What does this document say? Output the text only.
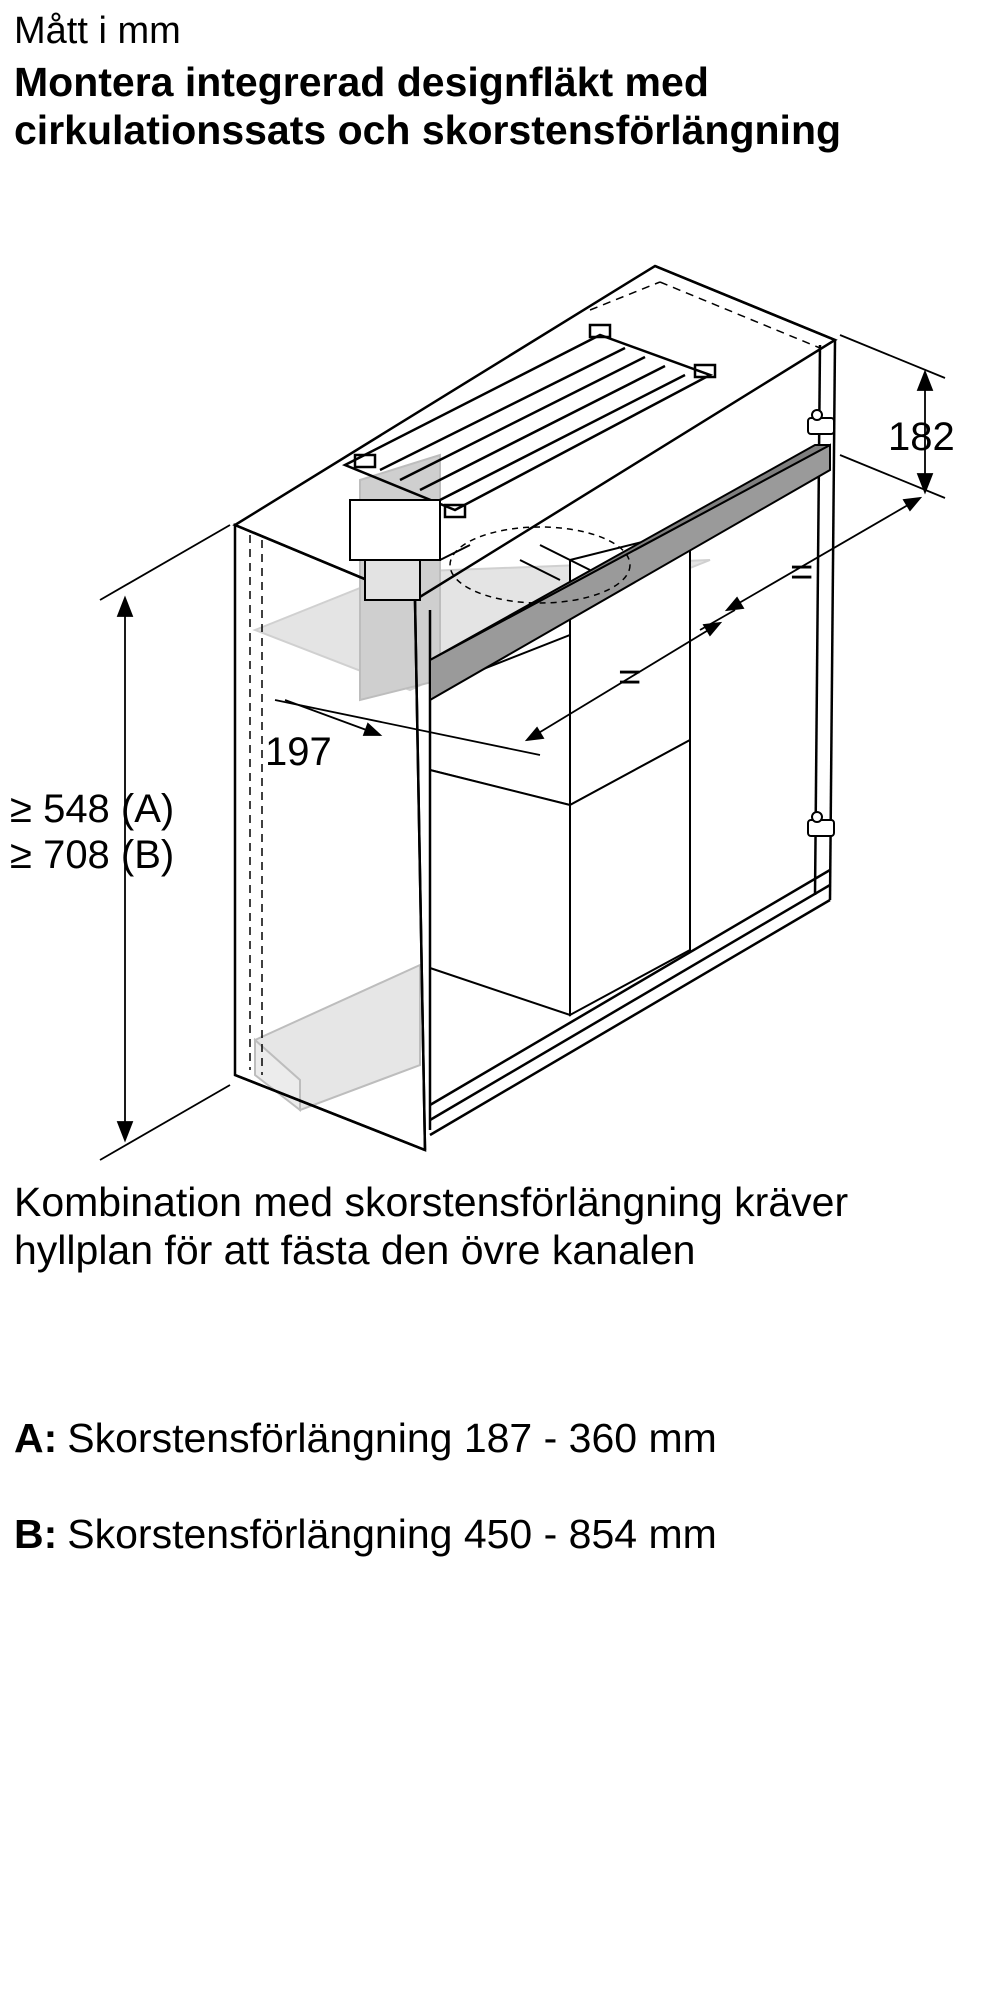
Mått i mm
Montera integrerad designfläkt med cirkulationssats och skorstensförlängning
182
=
=
197
≥ 548 (A)
≥ 708 (B)
Kombination med skorstensförlängning kräver hyllplan för att fästa den övre kanalen
A: Skorstensförlängning 187 - 360 mm
B: Skorstensförlängning 450 - 854 mm
